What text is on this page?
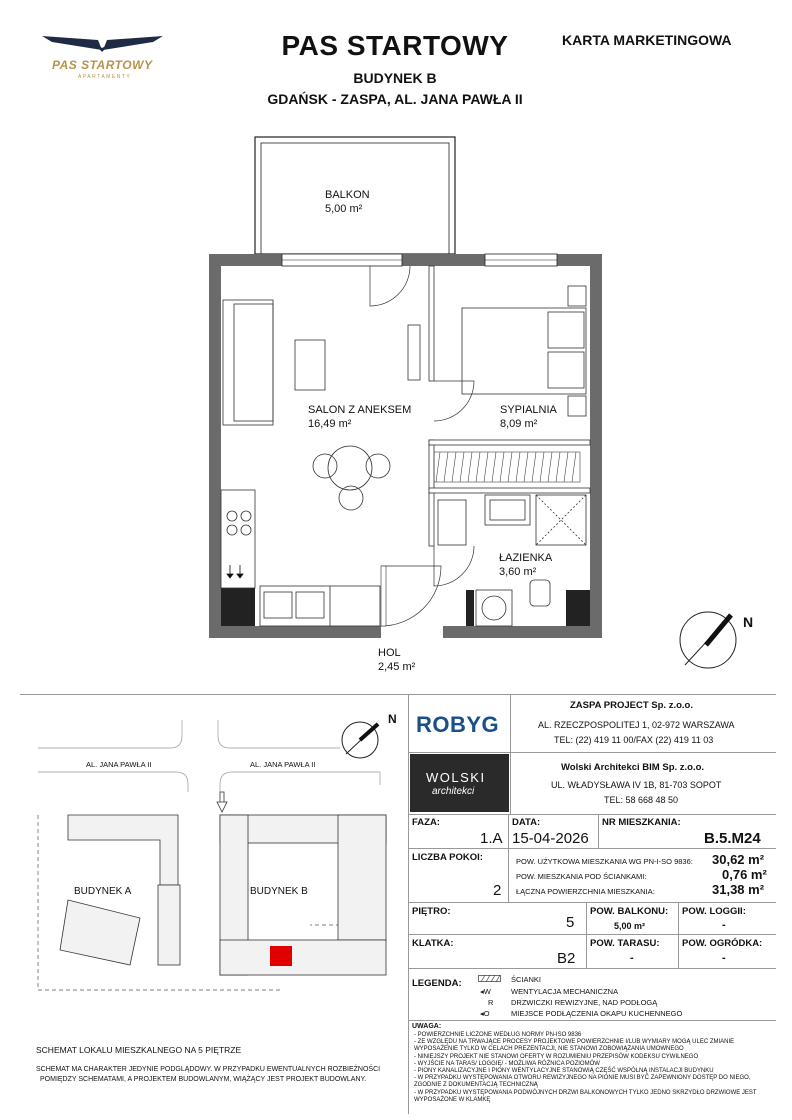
PAS STARTOWY
APARTAMENTY
PAS STARTOWY
BUDYNEK B
GDAŃSK - ZASPA, AL. JANA PAWŁA II
KARTA MARKETINGOWA
BALKON
5,00 m²
SALON Z ANEKSEM
16,49 m²
SYPIALNIA
8,09 m²
ŁAZIENKA
3,60 m²
HOL
2,45 m²
N
AL. JANA PAWŁA II	AL. JANA PAWŁA II
BUDYNEK A	BUDYNEK B
N
SCHEMAT LOKALU MIESZKALNEGO NA 5 PIĘTRZE
SCHEMAT MA CHARAKTER JEDYNIE PODGLĄDOWY. W PRZYPADKU EWENTUALNYCH ROZBIEŻNOŚCI
POMIĘDZY SCHEMATAMI, A PROJEKTEM BUDOWLANYM, WIĄŻĄCY JEST PROJEKT BUDOWLANY.
ROBYG
ZASPA PROJECT Sp. z.o.o.
AL. RZECZPOSPOLITEJ 1, 02-972 WARSZAWA
TEL: (22) 419 11 00/FAX (22) 419 11 03
WOLSKI
architekci
Wolski Architekci BIM Sp. z.o.o.
UL. WŁADYSŁAWA IV 1B, 81-703 SOPOT
TEL: 58 668 48 50
FAZA:
1.A
DATA:
15-04-2026
NR MIESZKANIA:
B.5.M24
LICZBA POKOI:
2
POW. UŻYTKOWA MIESZKANIA WG PN-I-SO 9836: 30,62 m²
POW. MIESZKANIA POD ŚCIANKAMI:	0,76 m²
ŁĄCZNA POWIERZCHNIA MIESZKANIA:	31,38 m²
PIĘTRO:
5
POW. BALKONU:
5,00 m²
POW. LOGGII:
-
KLATKA:
B2
POW. TARASU:
-
POW. OGRÓDKA:
-
LEGENDA:	ŚCIANKI
◂W	WENTYLACJA MECHANICZNA
R DRZWICZKI REWIZYJNE, NAD PODŁOGĄ
◂O	MIEJSCE PODŁĄCZENIA OKAPU KUCHENNEGO
UWAGA:
- POWIERZCHNIE LICZONE WEDŁUG NORMY PN-ISO 9836
- ZE WZGLĘDU NA TRWAJĄCE PROCESY PROJEKTOWE POWIERZCHNIE I/LUB WYMIARY MOGĄ ULEC ZMIANIE
WYPOSAŻENIE TYLKO W CELACH PREZENTACJI, NIE STANOWI ZOBOWIĄZANIA UMOWNEGO
- NINIEJSZY PROJEKT NIE STANOWI OFERTY W ROZUMIENIU PRZEPISÓW KODEKSU CYWILNEGO
- WYJŚCIE NA TARAS/ LOGGIĘ/ - MOŻLIWA RÓŻNICA POZIOMÓW
- PIONY KANALIZACYJNE I PIONY WENTYLACYJNE STANOWIĄ CZĘŚĆ WSPÓLNĄ INSTALACJI BUDYNKU
- W PRZYPADKU WYSTĘPOWANIA OTWORU REWIZYJNEGO NA PIONIE MUSI BYĆ ZAPEWNIONY DOSTĘP DO NIEGO,
ZGODNIE Z DOKUMENTACJĄ TECHNICZNĄ
- W PRZYPADKU WYSTĘPOWANIA PODWÓJNYCH DRZWI BALKONOWYCH TYLKO JEDNO SKRZYDŁO DRZWIOWE JEST
WYPOSAŻONE W KLAMKĘ
